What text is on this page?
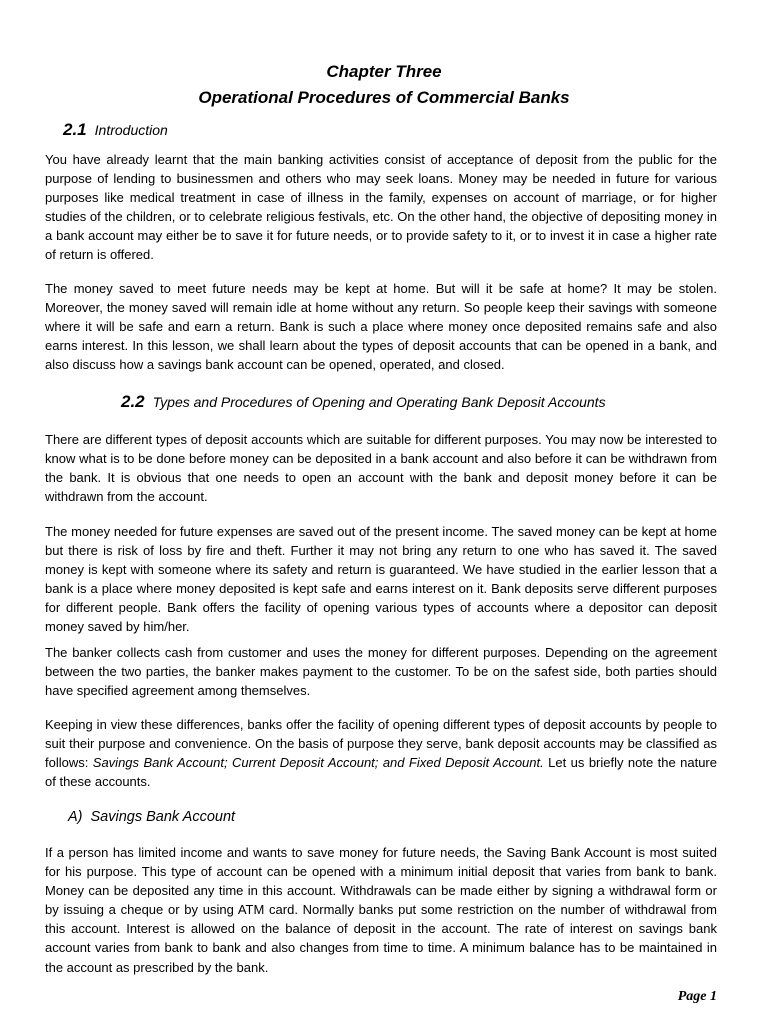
Chapter Three
Operational Procedures of Commercial Banks
2.1 Introduction

You have already learnt that the main banking activities consist of acceptance of deposit from the public for the purpose of lending to businessmen and others who may seek loans. Money may be needed in future for various purposes like medical treatment in case of illness in the family, expenses on account of marriage, or for higher studies of the children, or to celebrate religious festivals, etc. On the other hand, the objective of depositing money in a bank account may either be to save it for future needs, or to provide safety to it, or to invest it in case a higher rate of return is offered.

The money saved to meet future needs may be kept at home. But will it be safe at home? It may be stolen. Moreover, the money saved will remain idle at home without any return. So people keep their savings with someone where it will be safe and earn a return. Bank is such a place where money once deposited remains safe and also earns interest. In this lesson, we shall learn about the types of deposit accounts that can be opened in a bank, and also discuss how a savings bank account can be opened, operated, and closed.

2.2 Types and Procedures of Opening and Operating Bank Deposit Accounts

There are different types of deposit accounts which are suitable for different purposes. You may now be interested to know what is to be done before money can be deposited in a bank account and also before it can be withdrawn from the bank. It is obvious that one needs to open an account with the bank and deposit money before it can be withdrawn from the account.

The money needed for future expenses are saved out of the present income. The saved money can be kept at home but there is risk of loss by fire and theft. Further it may not bring any return to one who has saved it. The saved money is kept with someone where its safety and return is guaranteed. We have studied in the earlier lesson that a bank is a place where money deposited is kept safe and earns interest on it. Bank deposits serve different purposes for different people. Bank offers the facility of opening various types of accounts where a depositor can deposit money saved by him/her.

The banker collects cash from customer and uses the money for different purposes. Depending on the agreement between the two parties, the banker makes payment to the customer. To be on the safest side, both parties should have specified agreement among themselves.

Keeping in view these differences, banks offer the facility of opening different types of deposit accounts by people to suit their purpose and convenience. On the basis of purpose they serve, bank deposit accounts may be classified as follows: Savings Bank Account; Current Deposit Account; and Fixed Deposit Account. Let us briefly note the nature of these accounts.

A) Savings Bank Account

If a person has limited income and wants to save money for future needs, the Saving Bank Account is most suited for his purpose. This type of account can be opened with a minimum initial deposit that varies from bank to bank. Money can be deposited any time in this account. Withdrawals can be made either by signing a withdrawal form or by issuing a cheque or by using ATM card. Normally banks put some restriction on the number of withdrawal from this account. Interest is allowed on the balance of deposit in the account. The rate of interest on savings bank account varies from bank to bank and also changes from time to time. A minimum balance has to be maintained in the account as prescribed by the bank.

Page 1
